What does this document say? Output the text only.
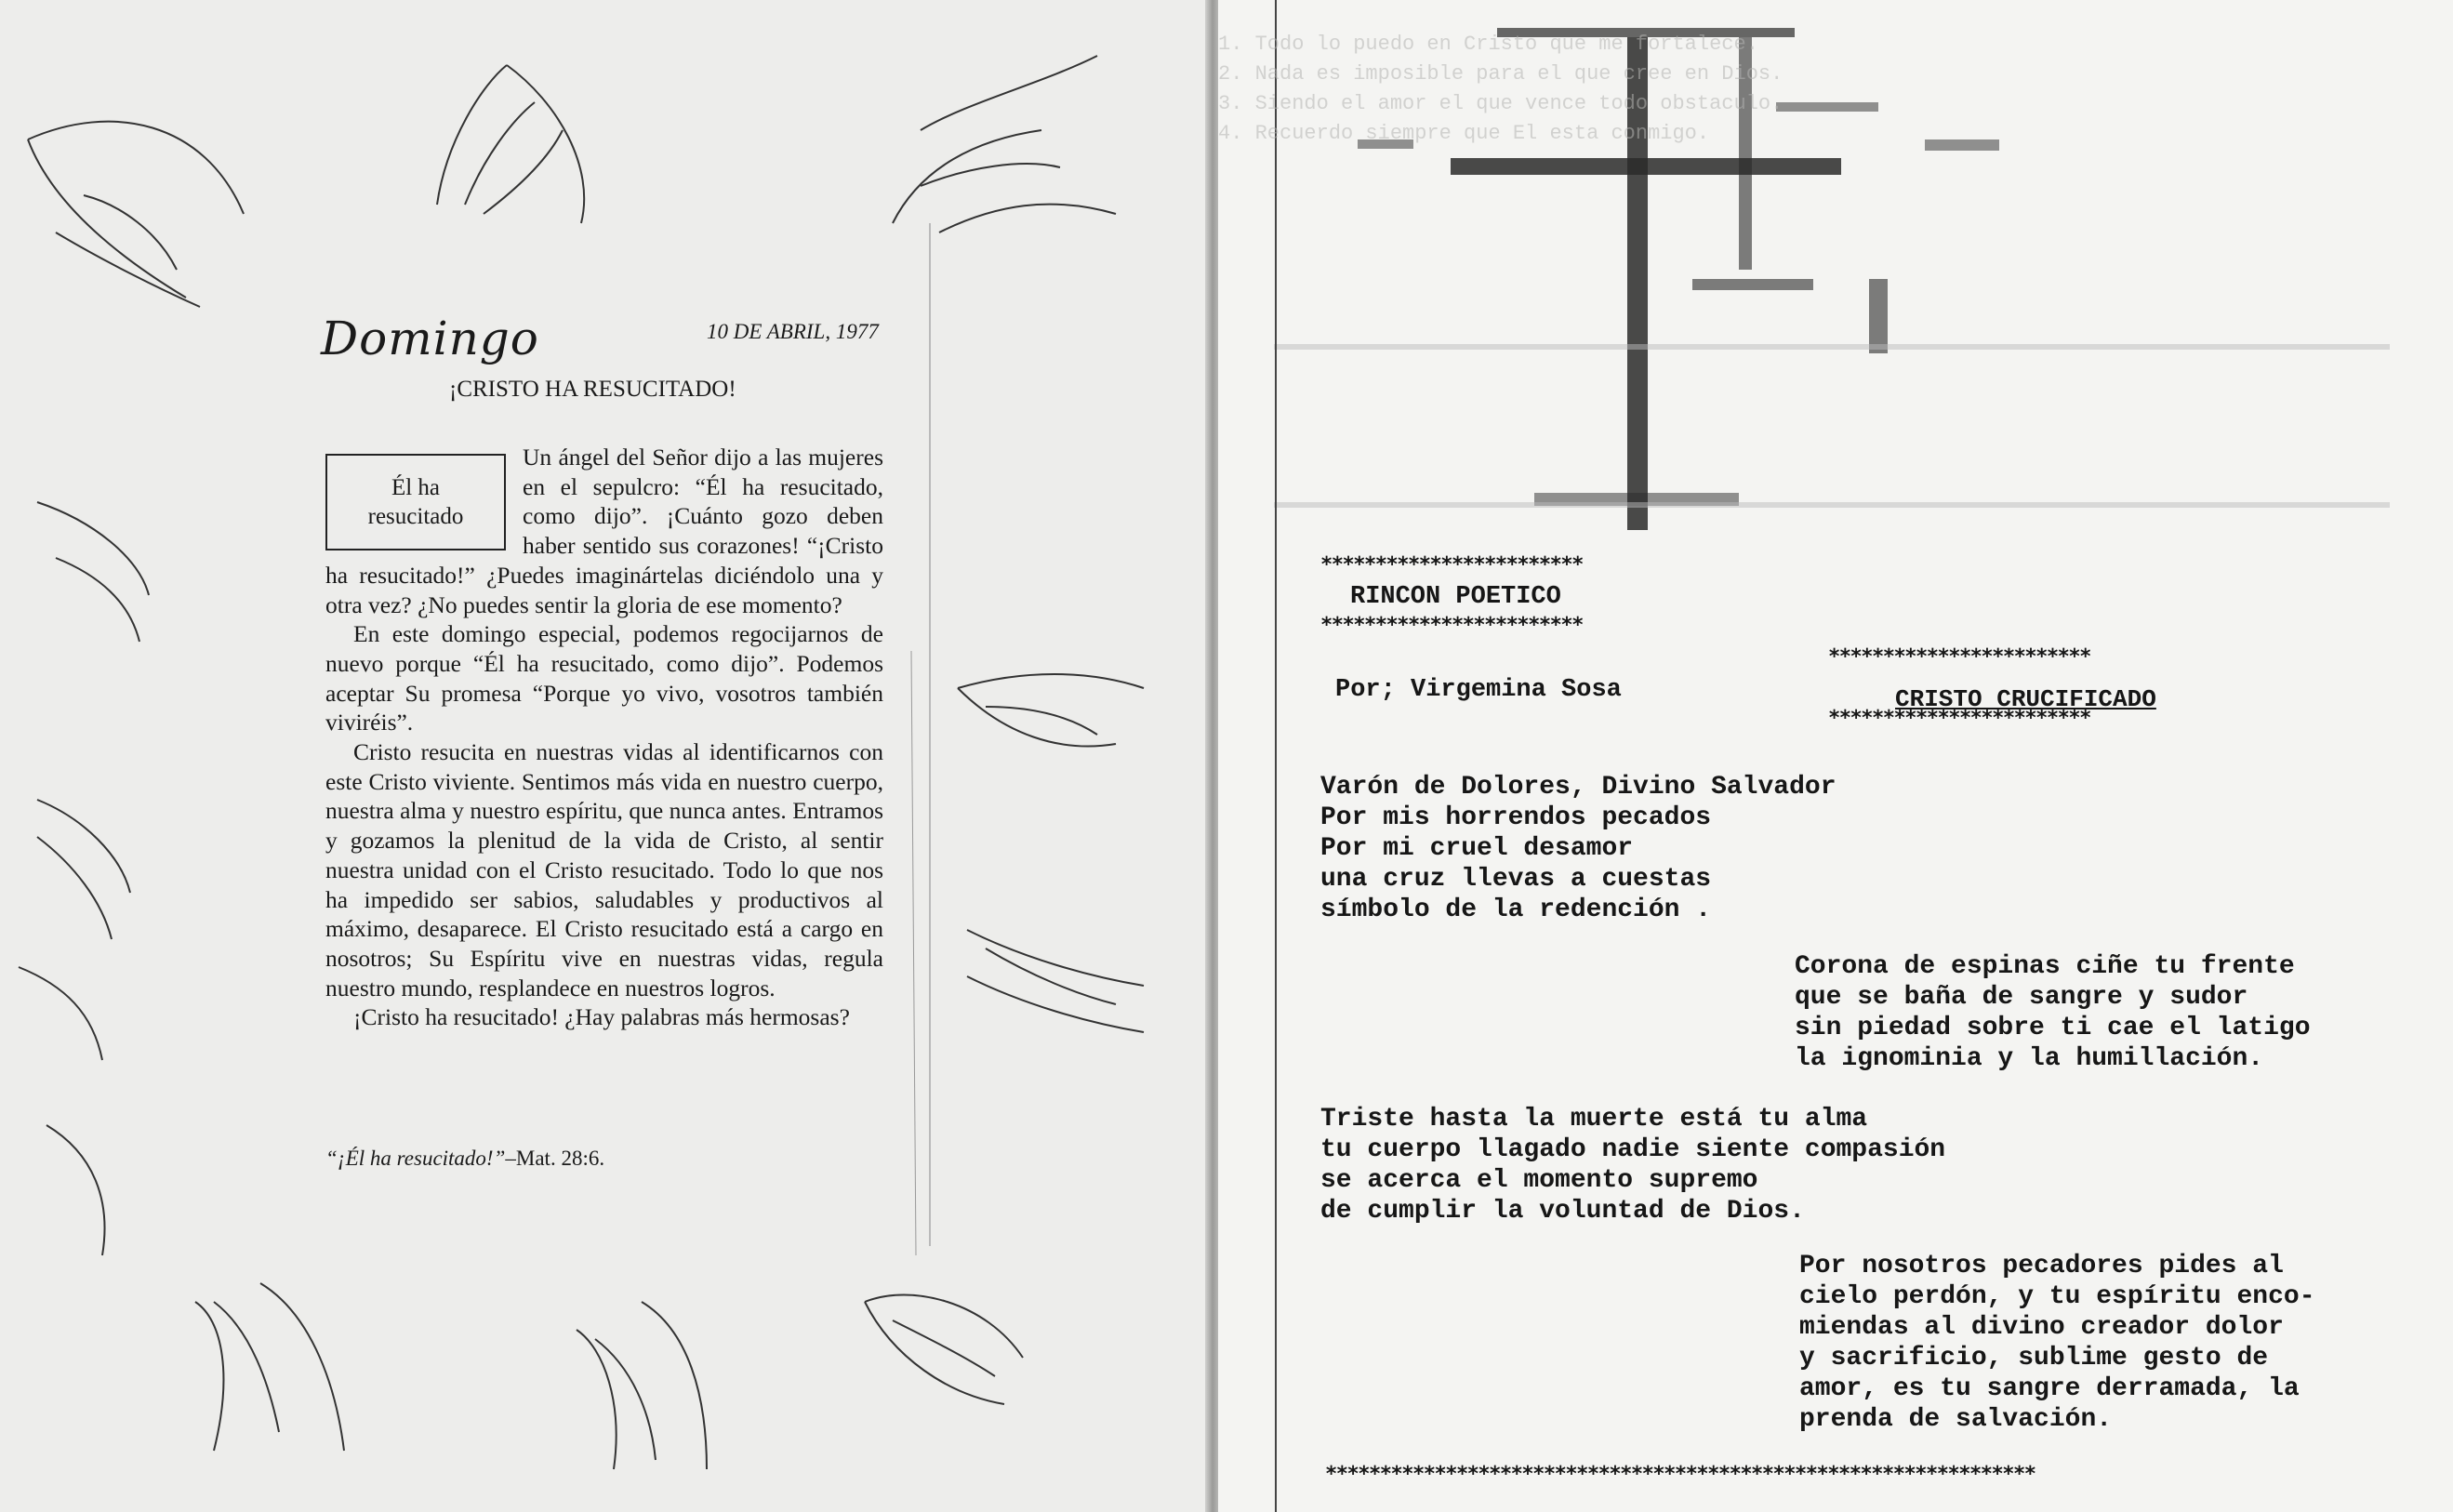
Domingo	10 DE ABRIL, 1977
¡CRISTO HA RESUCITADO!
Él ha
resucitado

Un ángel del Señor dijo a las mujeres en el sepulcro: “Él ha resucitado, como dijo”. ¡Cuánto gozo deben haber sentido sus corazones! “¡Cristo ha resucitado!” ¿Puedes imaginártelas diciéndolo una y otra vez? ¿No puedes sentir la gloria de ese momento?

En este domingo especial, podemos regocijarnos de nuevo porque “Él ha resucitado, como dijo”. Podemos aceptar Su promesa “Porque yo vivo, vosotros también viviréis”.

Cristo resucita en nuestras vidas al identificarnos con este Cristo viviente. Sentimos más vida en nuestro cuerpo, nuestra alma y nuestro espíritu, que nunca antes. Entramos y gozamos la plenitud de la vida de Cristo, al sentir nuestra unidad con el Cristo resucitado. Todo lo que nos ha impedido ser sabios, saludables y productivos al máximo, desaparece. El Cristo resucitado está a cargo en nosotros; Su Espíritu vive en nuestras vidas, regula nuestro mundo, resplandece en nuestros logros.

¡Cristo ha resucitado! ¿Hay palabras más hermosas?

“¡Él ha resucitado!”–Mat. 28:6.

1. Todo lo puedo en Cristo que me fortalece.
2. Nada es imposible para el que cree en Dios.
3. Siendo el amor el que vence todo obstaculo.
4. Recuerdo siempre que El esta conmigo.
************************
RINCON POETICO
************************
Por; Virgemina Sosa
************************
CRISTO CRUCIFICADO
************************
Varón de Dolores, Divino Salvador
Por mis horrendos pecados
Por mi cruel desamor
una cruz llevas a cuestas
símbolo de la redención .
Corona de espinas ciñe tu frente
que se baña de sangre y sudor
sin piedad sobre ti cae el latigo
la ignominia y la humillación.
Triste hasta la muerte está tu alma
tu cuerpo llagado nadie siente compasión
se acerca el momento supremo
de cumplir la voluntad de Dios.
Por nosotros pecadores pides al
cielo perdón, y tu espíritu enco-
miendas al divino creador dolor
y sacrificio, sublime gesto de
amor, es tu sangre derramada, la
prenda de salvación.
*****************************************************************
